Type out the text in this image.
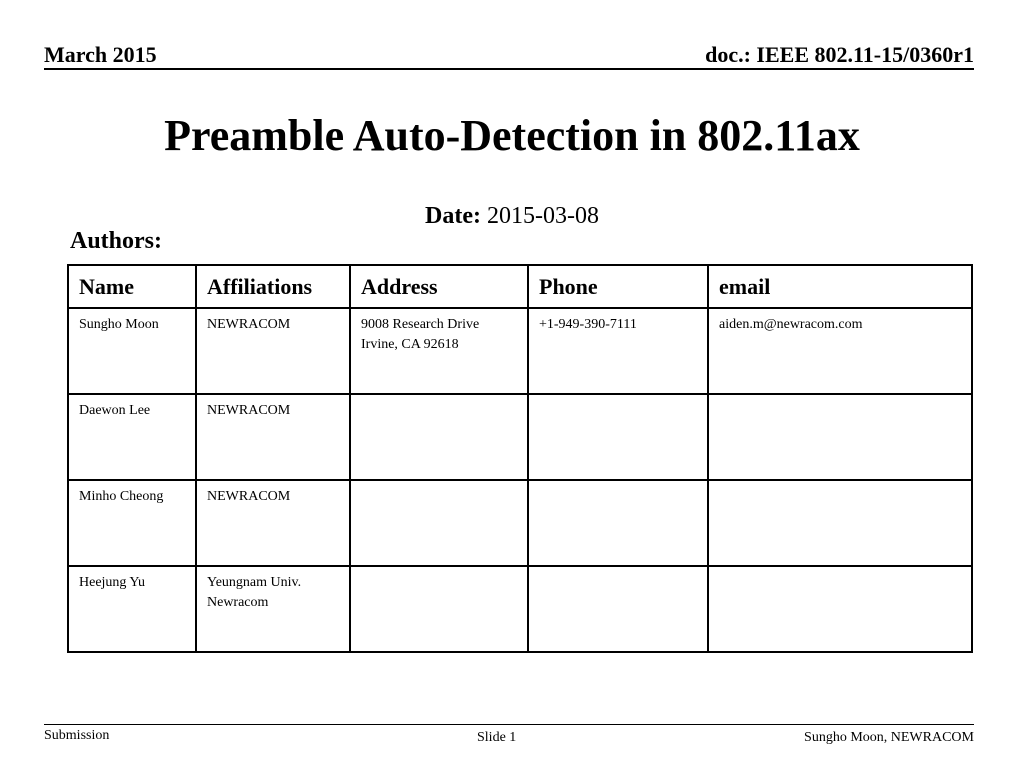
March 2015	doc.: IEEE 802.11-15/0360r1
Preamble Auto-Detection in 802.11ax
Date: 2015-03-08
Authors:
Name	Affiliations	Address	Phone	email

Sungho Moon	NEWRACOM	9008 Research Drive
Irvine, CA 92618	+1-949-390-7111	aiden.m@newracom.com

Daewon Lee	NEWRACOM			

Minho Cheong	NEWRACOM			

Heejung Yu	Yeungnam Univ.
Newracom			

Submission	Slide 1	Sungho Moon, NEWRACOM
